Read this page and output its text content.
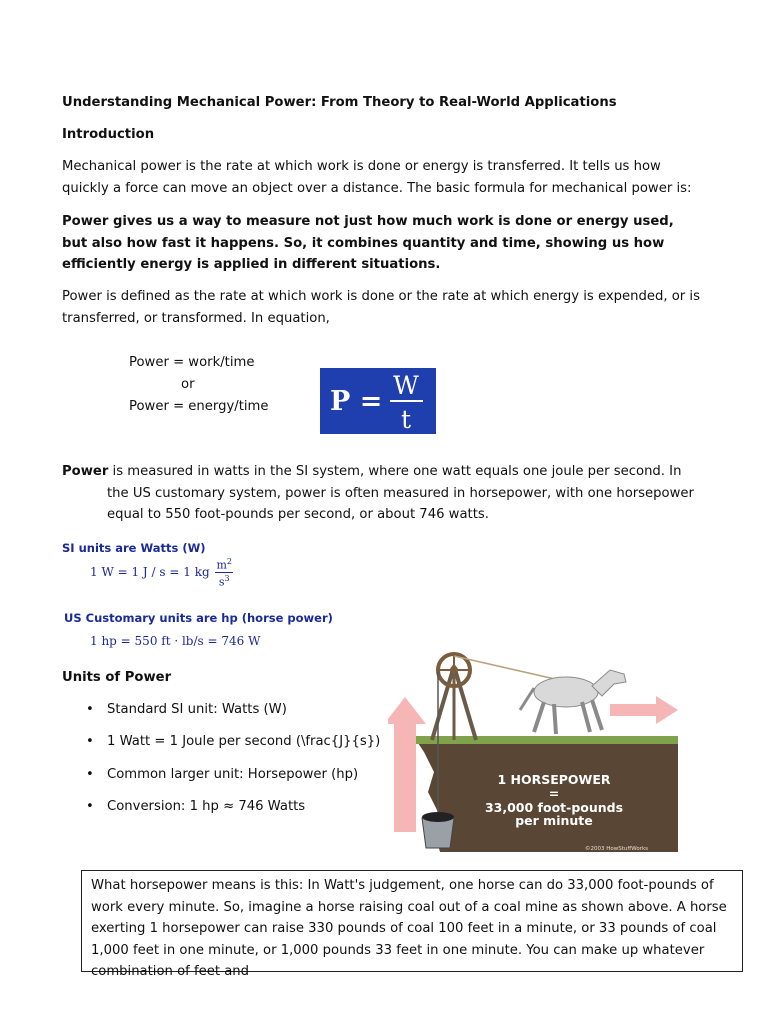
Understanding Mechanical Power: From Theory to Real-World Applications
Introduction

Mechanical power is the rate at which work is done or energy is transferred. It tells us how quickly a force can move an object over a distance. The basic formula for mechanical power is:

Power gives us a way to measure not just how much work is done or energy used, but also how fast it happens. So, it combines quantity and time, showing us how efficiently energy is applied in different situations.

Power is defined as the rate at which work is done or the rate at which energy is expended, or is transferred, or transformed. In equation,

Power = work/time
or
Power = energy/time P =
W
t

Power is measured in watts in the SI system, where one watt equals one joule per second. In
the US customary system, power is often measured in horsepower, with one horsepower equal to 550 foot-pounds per second, or about 746 watts.

SI units are Watts (W)
1 W = 1 J / s = 1 kg $\frac{m^2}{s^3}$
US Customary units are hp (horse power)
1 hp = 550 ft · lb/s = 746 W
Units of Power
• Standard SI unit: Watts (W)
• 1 Watt = 1 Joule per second (\frac{J}{s})
• Common larger unit: Horsepower (hp)
• Conversion: 1 hp ≈ 746 Watts
1 HORSEPOWER
=
33,000 foot-pounds
per minute
©2003 HowStuffWorks

What horsepower means is this: In Watt's judgement, one horse can do 33,000 foot-pounds of work every minute. So, imagine a horse raising coal out of a coal mine as shown above. A horse exerting 1 horsepower can raise 330 pounds of coal 100 feet in a minute, or 33 pounds of coal 1,000 feet in one minute, or 1,000 pounds 33 feet in one minute. You can make up whatever combination of feet and
